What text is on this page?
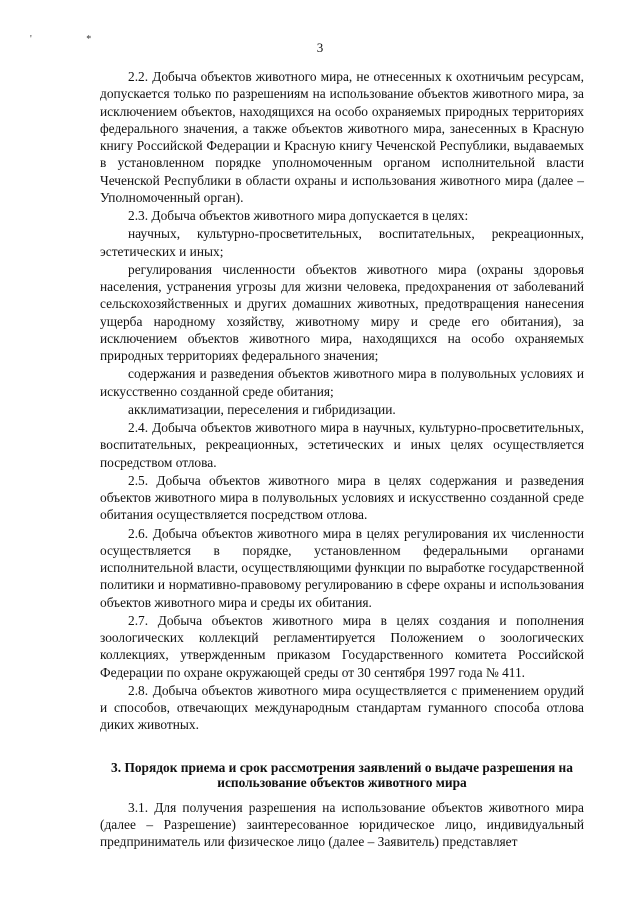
' *
3

2.2. Добыча объектов животного мира, не отнесенных к охотничьим ресурсам, допускается только по разрешениям на использование объектов животного мира, за исключением объектов, находящихся на особо охраняемых природных территориях федерального значения, а также объектов животного мира, занесенных в Красную книгу Российской Федерации и Красную книгу Чеченской Республики, выдаваемых в установленном порядке уполномоченным органом исполнительной власти Чеченской Республики в области охраны и использования животного мира (далее – Уполномоченный орган).

2.3. Добыча объектов животного мира допускается в целях:

научных, культурно-просветительных, воспитательных, рекреационных, эстетических и иных;

регулирования численности объектов животного мира (охраны здоровья населения, устранения угрозы для жизни человека, предохранения от заболеваний сельскохозяйственных и других домашних животных, предотвращения нанесения ущерба народному хозяйству, животному миру и среде его обитания), за исключением объектов животного мира, находящихся на особо охраняемых природных территориях федерального значения;

содержания и разведения объектов животного мира в полувольных условиях и искусственно созданной среде обитания;

акклиматизации, переселения и гибридизации.

2.4. Добыча объектов животного мира в научных, культурно-просветительных, воспитательных, рекреационных, эстетических и иных целях осуществляется посредством отлова.

2.5. Добыча объектов животного мира в целях содержания и разведения объектов животного мира в полувольных условиях и искусственно созданной среде обитания осуществляется посредством отлова.

2.6. Добыча объектов животного мира в целях регулирования их численности осуществляется в порядке, установленном федеральными органами исполнительной власти, осуществляющими функции по выработке государственной политики и нормативно-правовому регулированию в сфере охраны и использования объектов животного мира и среды их обитания.

2.7. Добыча объектов животного мира в целях создания и пополнения зоологических коллекций регламентируется Положением о зоологических коллекциях, утвержденным приказом Государственного комитета Российской Федерации по охране окружающей среды от 30 сентября 1997 года № 411.

2.8. Добыча объектов животного мира осуществляется с применением орудий и способов, отвечающих международным стандартам гуманного способа отлова диких животных.

3. Порядок приема и срок рассмотрения заявлений о выдаче разрешения на использование объектов животного мира

3.1. Для получения разрешения на использование объектов животного мира (далее – Разрешение) заинтересованное юридическое лицо, индивидуальный предприниматель или физическое лицо (далее – Заявитель) представляет
